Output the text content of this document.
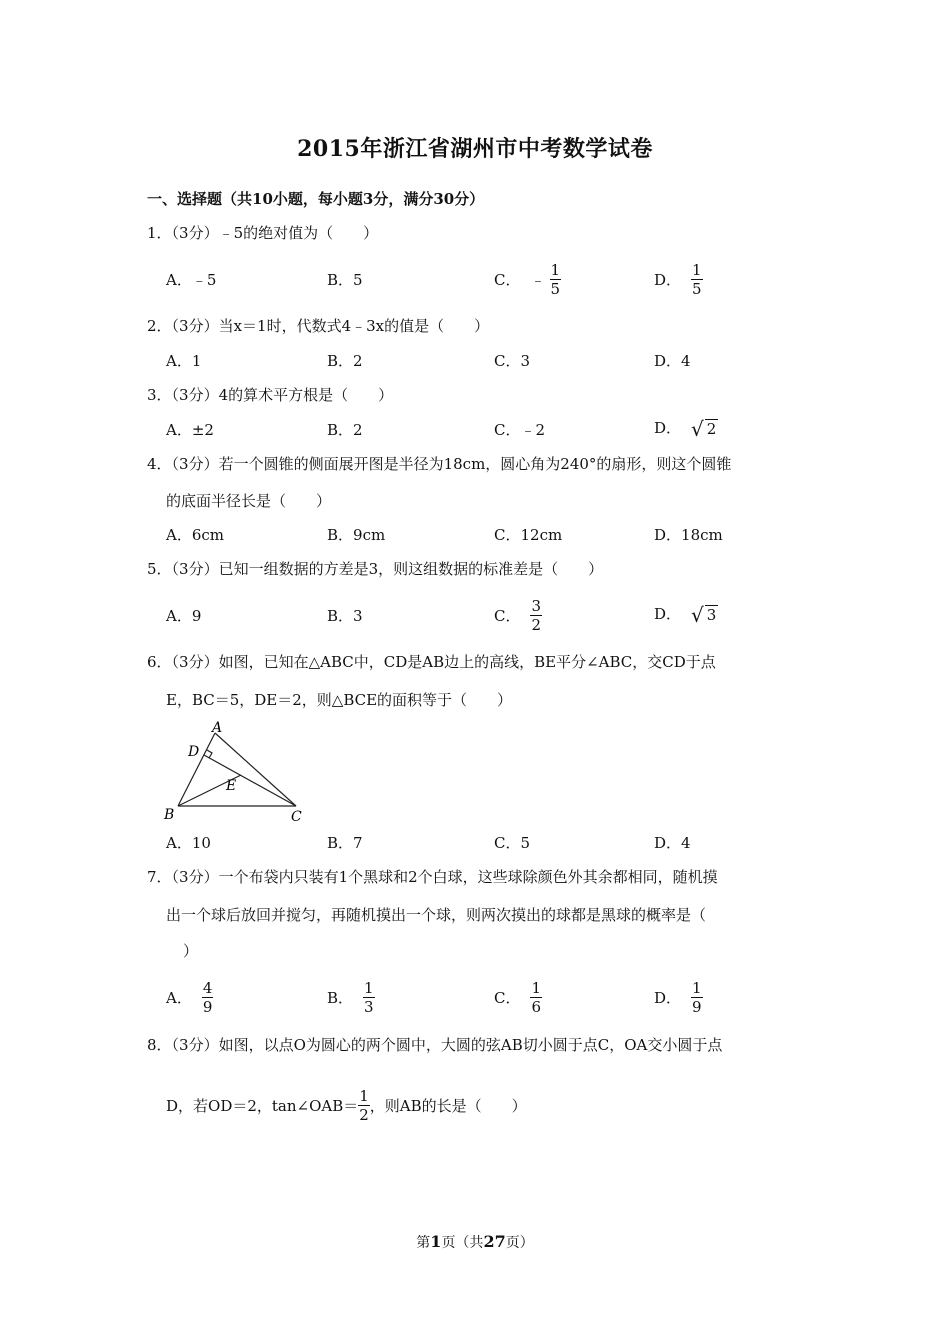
2015年浙江省湖州市中考数学试卷
一、选择题（共10小题，每小题3分，满分30分）
1．（3分）﹣5的绝对值为（　　）
A．﹣5	B．5	C． ﹣ $\frac{1}{5}$	D． $\frac{1}{5}$
2．（3分）当x＝1时，代数式4﹣3x的值是（　　）
A．1	B．2	C．3	D．4
3．（3分）4的算术平方根是（　　）
A．±2	B．2	C．﹣2	D． √ 2
4．（3分）若一个圆锥的侧面展开图是半径为18cm，圆心角为240°的扇形，则这个圆锥
的底面半径长是（　　）
A．6cm	B．9cm	C．12cm	D．18cm
5．（3分）已知一组数据的方差是3，则这组数据的标准差是（　　）
A．9	B．3	C． $\frac{3}{2}$	D． √ 3
6．（3分）如图，已知在△ABC中，CD是AB边上的高线，BE平分∠ABC，交CD于点
E，BC＝5，DE＝2，则△BCE的面积等于（　　）
A
D
E
B	C
A．10	B．7	C．5	D．4
7．（3分）一个布袋内只装有1个黑球和2个白球，这些球除颜色外其余都相同，随机摸
出一个球后放回并搅匀，再随机摸出一个球，则两次摸出的球都是黑球的概率是（
）
A． $\frac{4}{9}$	B． $\frac{1}{3}$	C． $\frac{1}{6}$	D． $\frac{1}{9}$
8．（3分）如图，以点O为圆心的两个圆中，大圆的弦AB切小圆于点C，OA交小圆于点
D，若OD＝2，tan∠OAB＝ $\frac{1}{2}$ ，则AB的长是（　　）
第1页（共27页）
